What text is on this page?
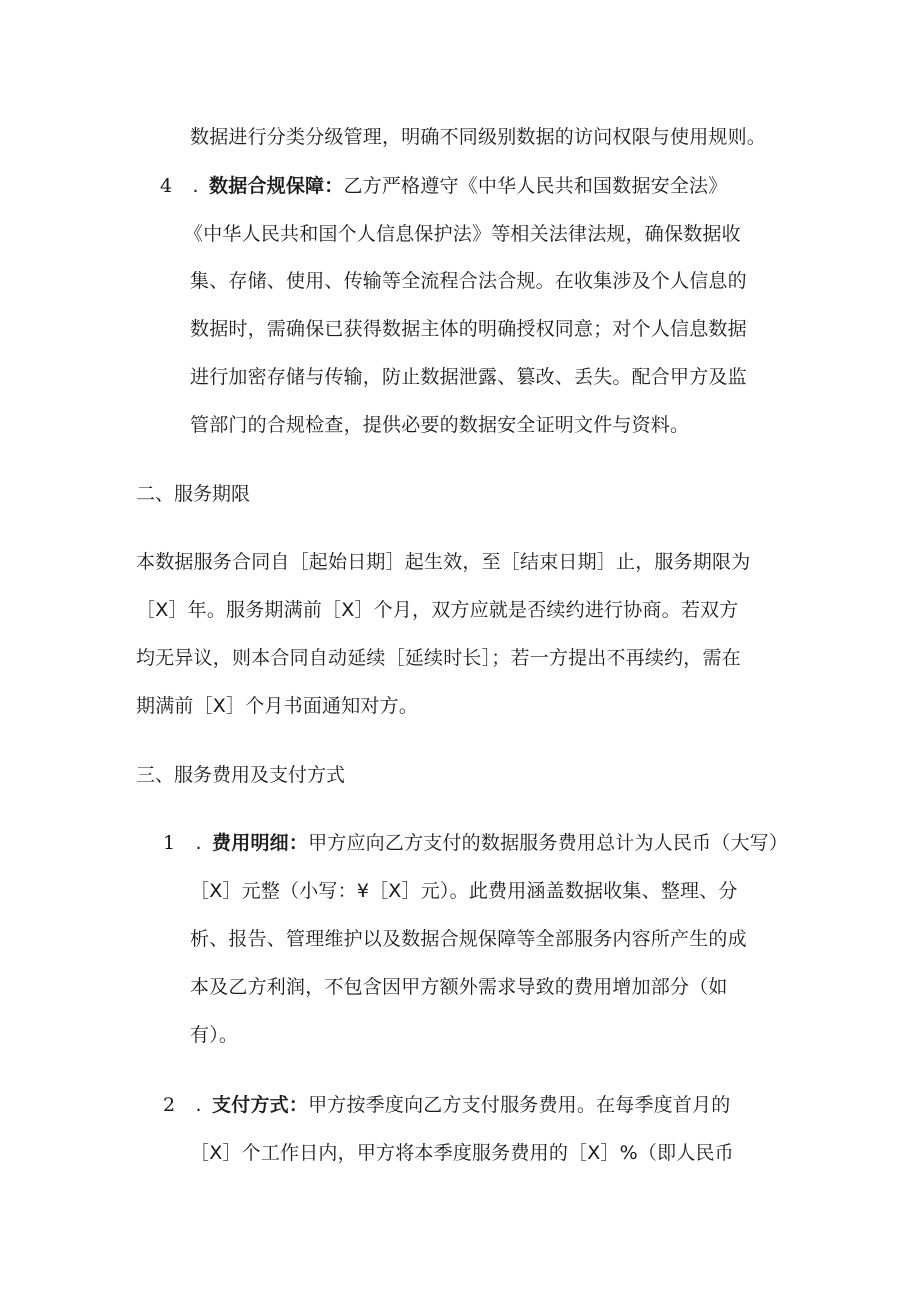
数据进行分类分级管理，明确不同级别数据的访问权限与使用规则。
4 . 数据合规保障：乙方严格遵守《中华人民共和国数据安全法》
《中华人民共和国个人信息保护法》等相关法律法规，确保数据收
集、存储、使用、传输等全流程合法合规。在收集涉及个人信息的
数据时，需确保已获得数据主体的明确授权同意；对个人信息数据
进行加密存储与传输，防止数据泄露、篡改、丢失。配合甲方及监
管部门的合规检查，提供必要的数据安全证明文件与资料。
二、服务期限
本数据服务合同自［起始日期］起生效，至［结束日期］止，服务期限为
［X］年。服务期满前［X］个月，双方应就是否续约进行协商。若双方
均无异议，则本合同自动延续［延续时长］；若一方提出不再续约，需在
期满前［X］个月书面通知对方。
三、服务费用及支付方式
1 . 费用明细：甲方应向乙方支付的数据服务费用总计为人民币（大写）
［X］元整（小写：¥［X］元）。此费用涵盖数据收集、整理、分
析、报告、管理维护以及数据合规保障等全部服务内容所产生的成
本及乙方利润，不包含因甲方额外需求导致的费用增加部分（如
有）。
2 . 支付方式：甲方按季度向乙方支付服务费用。在每季度首月的
［X］个工作日内，甲方将本季度服务费用的［X］%（即人民币
